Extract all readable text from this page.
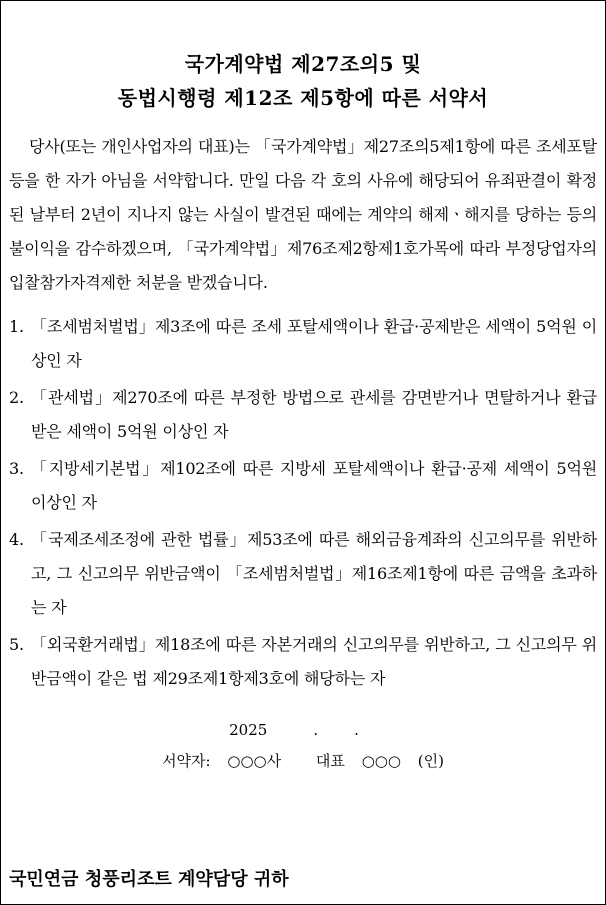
국가계약법 제27조의5 및
동법시행령 제12조 제5항에 따른 서약서
당사(또는 개인사업자의 대표)는 「국가계약법」제27조의5제1항에 따른 조세포탈 등을 한 자가 아님을 서약합니다. 만일 다음 각 호의 사유에 해당되어 유죄판결이 확정된 날부터 2년이 지나지 않는 사실이 발견된 때에는 계약의 해제ㆍ해지를 당하는 등의 불이익을 감수하겠으며, 「국가계약법」제76조제2항제1호가목에 따라 부정당업자의 입찰참가자격제한 처분을 받겠습니다.
1. 「조세범처벌법」제3조에 따른 조세 포탈세액이나 환급·공제받은 세액이 5억원 이상인 자
2. 「관세법」제270조에 따른 부정한 방법으로 관세를 감면받거나 면탈하거나 환급받은 세액이 5억원 이상인 자
3. 「지방세기본법」제102조에 따른 지방세 포탈세액이나 환급·공제 세액이 5억원 이상인 자
4. 「국제조세조정에 관한 법률」제53조에 따른 해외금융계좌의 신고의무를 위반하고, 그 신고의무 위반금액이 「조세범처벌법」제16조제1항에 따른 금액을 초과하는 자
5. 「외국환거래법」제18조에 따른 자본거래의 신고의무를 위반하고, 그 신고의무 위반금액이 같은 법 제29조제1항제3호에 해당하는 자
2025	. .
서약자: ○○○사 대표 ○○○ (인)
국민연금 청풍리조트 계약담당 귀하
